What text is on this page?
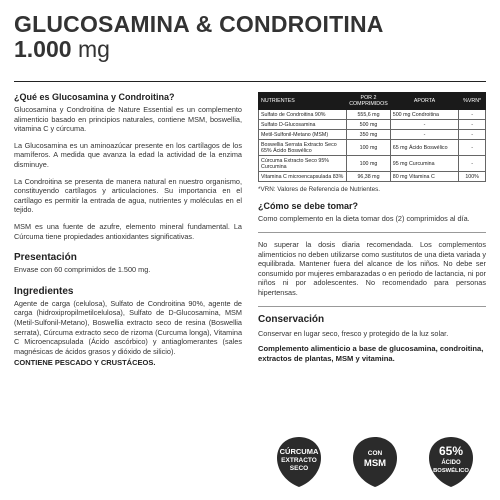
GLUCOSAMINA & CONDROITINA
1.000 mg
¿Qué es Glucosamina y Condroitina?

Glucosamina y Condroitina de Nature Essential es un complemento alimenticio basado en principios naturales, contiene MSM, boswellia, vitamina C y cúrcuma.

La Glucosamina es un aminoazúcar presente en los cartílagos de los mamíferos. A medida que avanza la edad la actividad de la enzima disminuye.

La Condroitina se presenta de manera natural en nuestro organismo, constituyendo cartílagos y articulaciones. Su importancia en el cartílago es permitir la entrada de agua, nutrientes y moléculas en el tejido.

MSM es una fuente de azufre, elemento mineral fundamental. La Cúrcuma tiene propiedades antioxidantes significativas.

Presentación

Envase con 60 comprimidos de 1.500 mg.

Ingredientes

Agente de carga (celulosa), Sulfato de Condroitina 90%, agente de carga (hidroxipropilmetilcelulosa), Sulfato de D-Glucosamina, MSM (Metil-Sulfonil-Metano), Boswellia extracto seco de resina (Boswellia serrata), Cúrcuma extracto seco de rizoma (Curcuma longa), Vitamina C Microencapsulada (Ácido ascórbico) y antiaglomerantes (sales magnésicas de ácidos grasos y dióxido de silicio).

CONTIENE PESCADO Y CRUSTÁCEOS.
NUTRIENTES	POR 2 COMPRIMIDOS	APORTA	%VRN*
Sulfato de Condroitina 90%	555,6 mg	500 mg Condroitina	-
Sulfato D-Glucosamina	500 mg	-	-
Metil-Sulfonil-Metano (MSM)	350 mg	-	-
Boswellia Serrata Extracto Seco 65% Ácido Boswélico	100 mg	65 mg Ácido Boswélico	-
Cúrcuma Extracto Seco 95% Curcumina	100 mg	95 mg Curcumina	-
Vitamina C microencapsulada 83%	96,38 mg	80 mg Vitamina C	100%
*VRN: Valores de Referencia de Nutrientes.
¿Cómo se debe tomar?

Como complemento en la dieta tomar dos (2) comprimidos al día.

No superar la dosis diaria recomendada. Los complementos alimenticios no deben utilizarse como sustitutos de una dieta variada y equilibrada. Mantener fuera del alcance de los niños. No debe ser consumido por mujeres embarazadas o en periodo de lactancia, ni por niños ni por adolescentes. No recomendado para personas hipertensas.

Conservación

Conservar en lugar seco, fresco y protegido de la luz solar.

Complemento alimenticio a base de glucosamina, condroitina, extractos de plantas, MSM y vitamina.

CÚRCUMA
EXTRACTO
SECO
CON
MSM
65%
ÁCIDO
BOSWÉLICO
